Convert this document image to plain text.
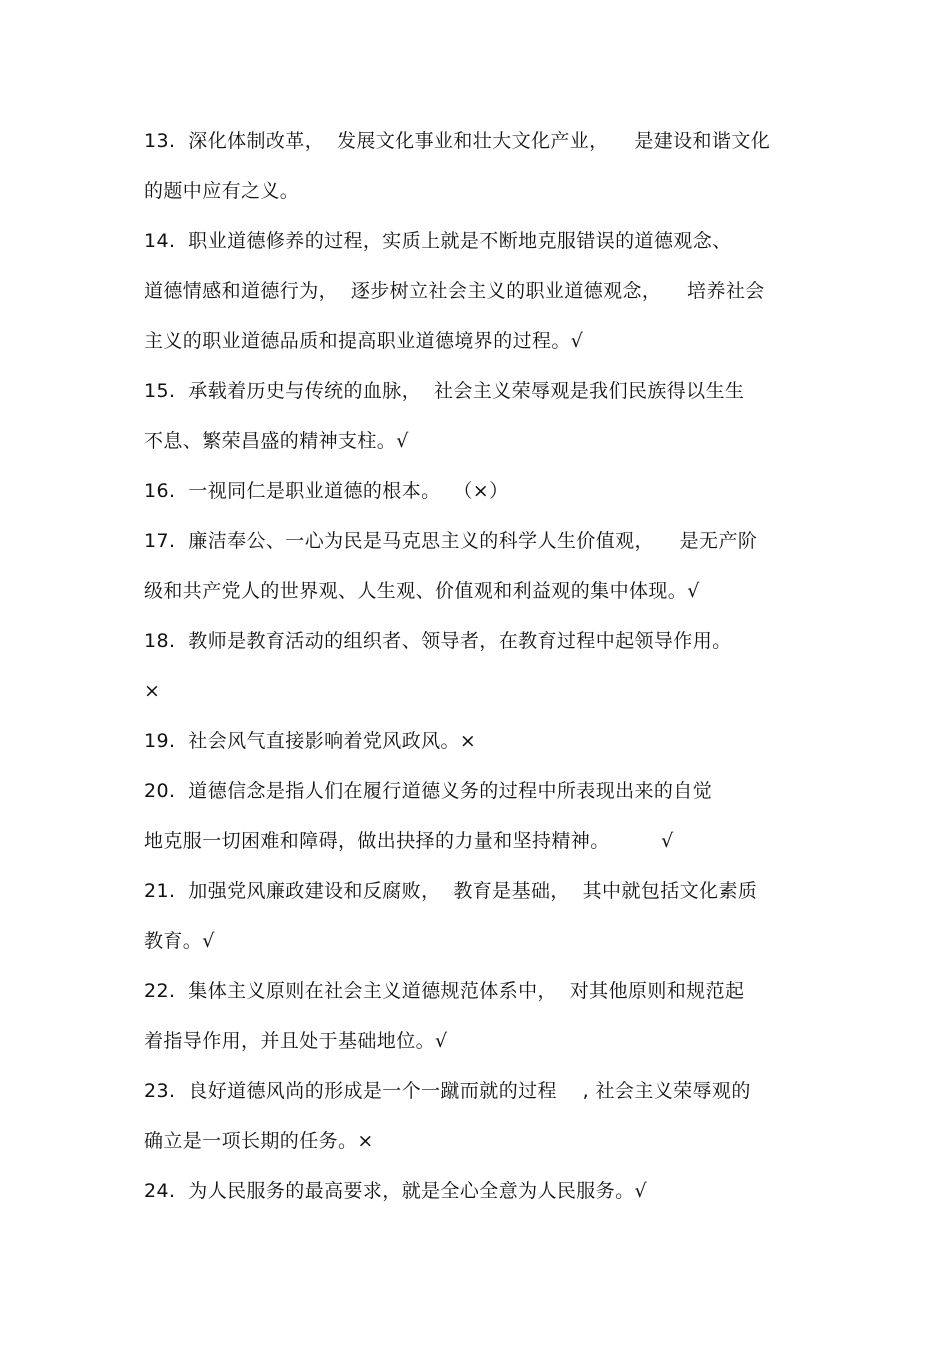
13.  深化体制改革，  发展文化事业和壮大文化产业，    是建设和谐文化
的题中应有之义。
14.  职业道德修养的过程，实质上就是不断地克服错误的道德观念、
道德情感和道德行为，  逐步树立社会主义的职业道德观念，    培养社会
主义的职业道德品质和提高职业道德境界的过程。√
15.  承载着历史与传统的血脉，  社会主义荣辱观是我们民族得以生生
不息、繁荣昌盛的精神支柱。√
16.  一视同仁是职业道德的根本。  （×）
17.  廉洁奉公、一心为民是马克思主义的科学人生价值观，    是无产阶
级和共产党人的世界观、人生观、价值观和利益观的集中体现。√
18.  教师是教育活动的组织者、领导者，在教育过程中起领导作用。
×
19.  社会风气直接影响着党风政风。×
20.  道德信念是指人们在履行道德义务的过程中所表现出来的自觉
地克服一切困难和障碍，做出抉择的力量和坚持精神。        √
21.  加强党风廉政建设和反腐败，  教育是基础，  其中就包括文化素质
教育。√
22.  集体主义原则在社会主义道德规范体系中，  对其他原则和规范起
着指导作用，并且处于基础地位。√
23.  良好道德风尚的形成是一个一蹴而就的过程    , 社会主义荣辱观的
确立是一项长期的任务。×
24.  为人民服务的最高要求，就是全心全意为人民服务。√
